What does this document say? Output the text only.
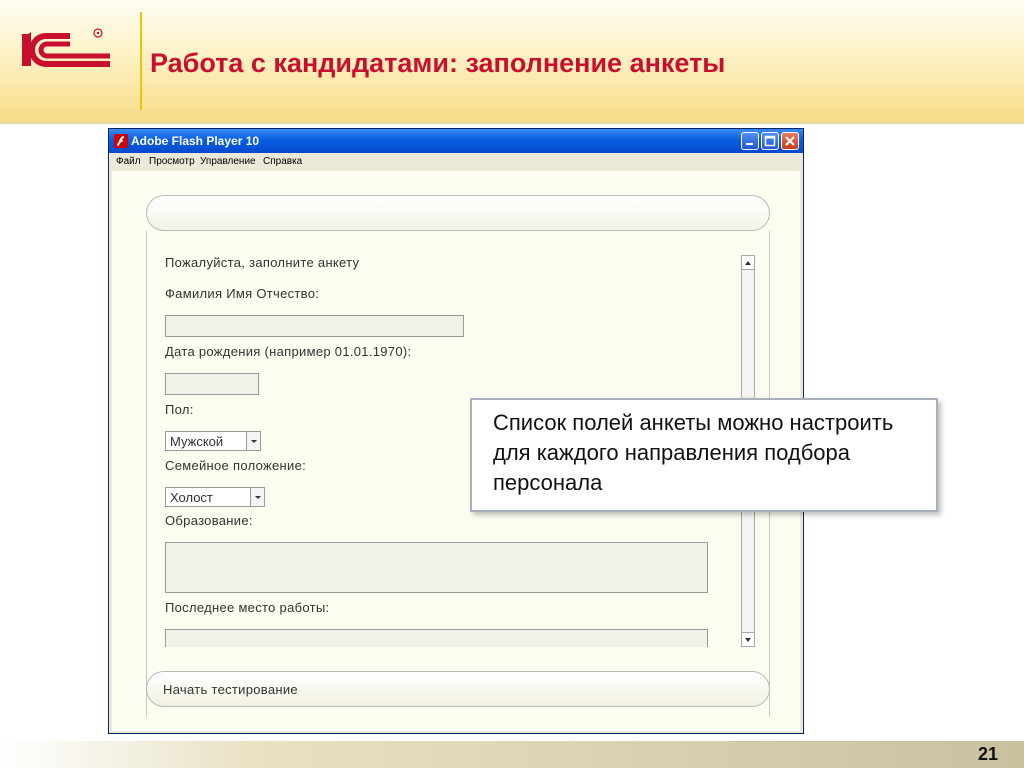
Работа с кандидатами: заполнение анкеты
Adobe Flash Player 10
Файл Просмотр Управление Справка
Пожалуйста, заполните анкету
Фамилия Имя Отчество:
Дата рождения (например 01.01.1970):
Пол:
Мужской
Семейное положение:
Холост
Образование:
Последнее место работы:
Начать тестирование
Список полей анкеты можно настроить для каждого направления подбора персонала
21
